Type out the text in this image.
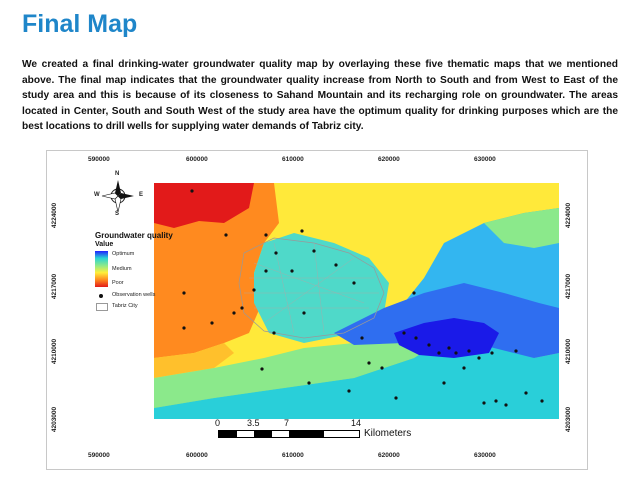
Final Map
We created a final drinking-water groundwater quality map by overlaying these five thematic maps that we mentioned above. The final map indicates that the groundwater quality increase from North to South and from West to East of the study area and this is because of its closeness to Sahand Mountain and its recharging role on groundwater. The areas located in Center, South and South West of the study area have the optimum quality for drinking purposes which are the best locations to drill wells for supplying water demands of Tabriz city.
590000	600000	610000	620000	630000
590000	600000	610000	620000	630000
4224000
4217000
4210000
4203000
4224000
4217000
4210000
4203000
N
S
W	E
Groundwater quality
Value
Optimum
Medium
Poor
Observation wells
Tabriz City
0	3.5	7	14
Kilometers
